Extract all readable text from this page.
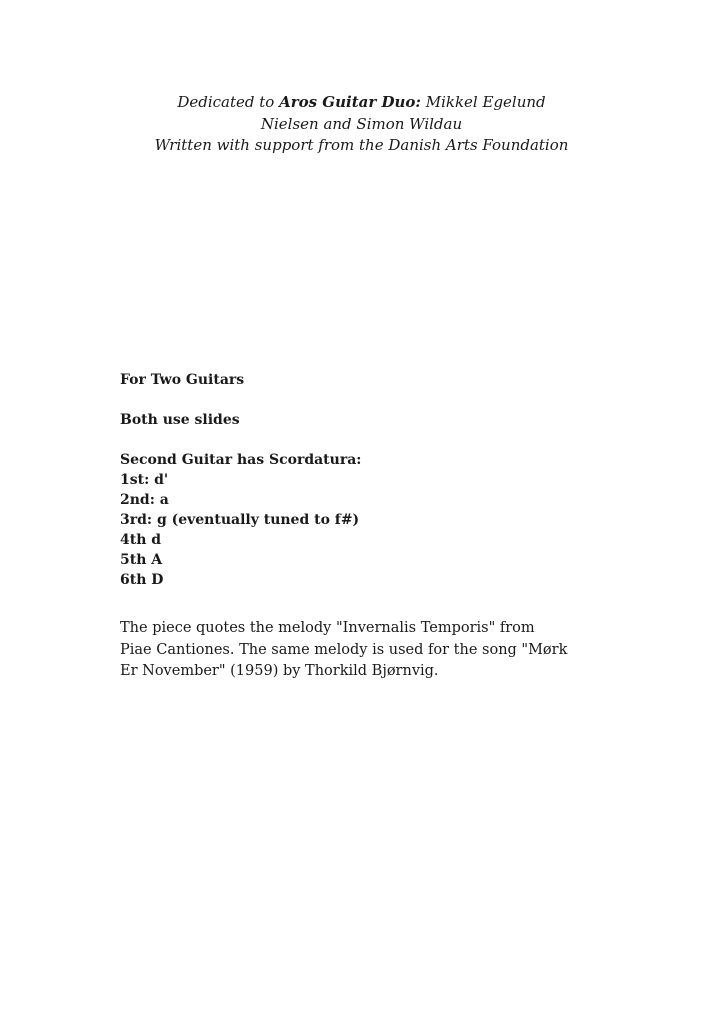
Dedicated to Aros Guitar Duo: Mikkel Egelund
Nielsen and Simon Wildau
Written with support from the Danish Arts Foundation
For Two Guitars
Both use slides
Second Guitar has Scordatura:
1st: d'
2nd: a
3rd: g (eventually tuned to f#)
4th d
5th A
6th D
The piece quotes the melody "Invernalis Temporis" from
Piae Cantiones. The same melody is used for the song "Mørk
Er November" (1959) by Thorkild Bjørnvig.
